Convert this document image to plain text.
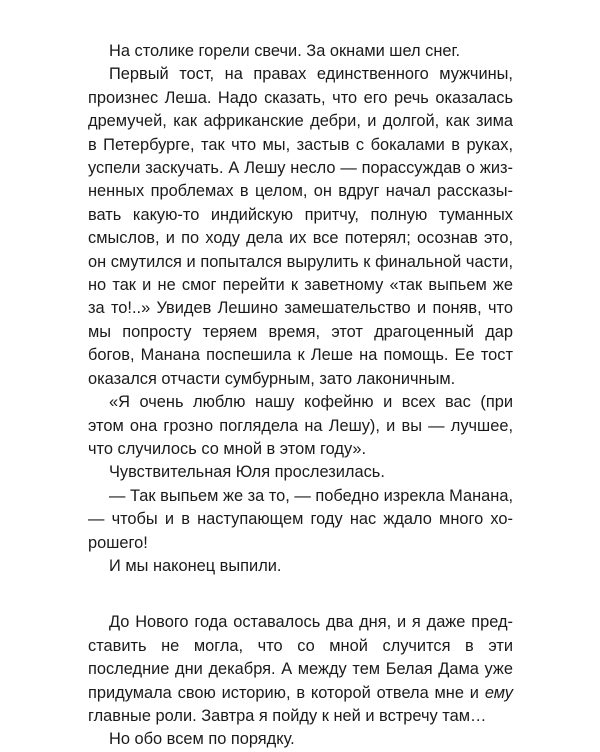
На столике горели свечи. За окнами шел снег.

Первый тост, на правах единственного мужчины, произнес Леша. Надо сказать, что его речь оказалась дремучей, как африканские дебри, и долгой, как зима в Петербурге, так что мы, застыв с бокалами в руках, успели заскучать. А Лешу несло — порассуждав о жизненных проблемах в целом, он вдруг начал рассказывать какую-то индийскую притчу, полную туманных смыслов, и по ходу дела их все потерял; осознав это, он смутился и попытался вырулить к финальной части, но так и не смог перейти к заветному «так выпьем же за то!..» Увидев Лешино замешательство и поняв, что мы попросту теряем время, этот драгоценный дар богов, Манана поспешила к Леше на помощь. Ее тост оказался отчасти сумбурным, зато лаконичным.

«Я очень люблю нашу кофейню и всех вас (при этом она грозно поглядела на Лешу), и вы — лучшее, что случилось со мной в этом году».

Чувствительная Юля прослезилась.

— Так выпьем же за то, — победно изрекла Манана, — чтобы и в наступающем году нас ждало много хорошего!

И мы наконец выпили.

До Нового года оставалось два дня, и я даже представить не могла, что со мной случится в эти последние дни декабря. А между тем Белая Дама уже придумала свою историю, в которой отвела мне и ему главные роли. Завтра я пойду к ней и встречу там…

Но обо всем по порядку.
